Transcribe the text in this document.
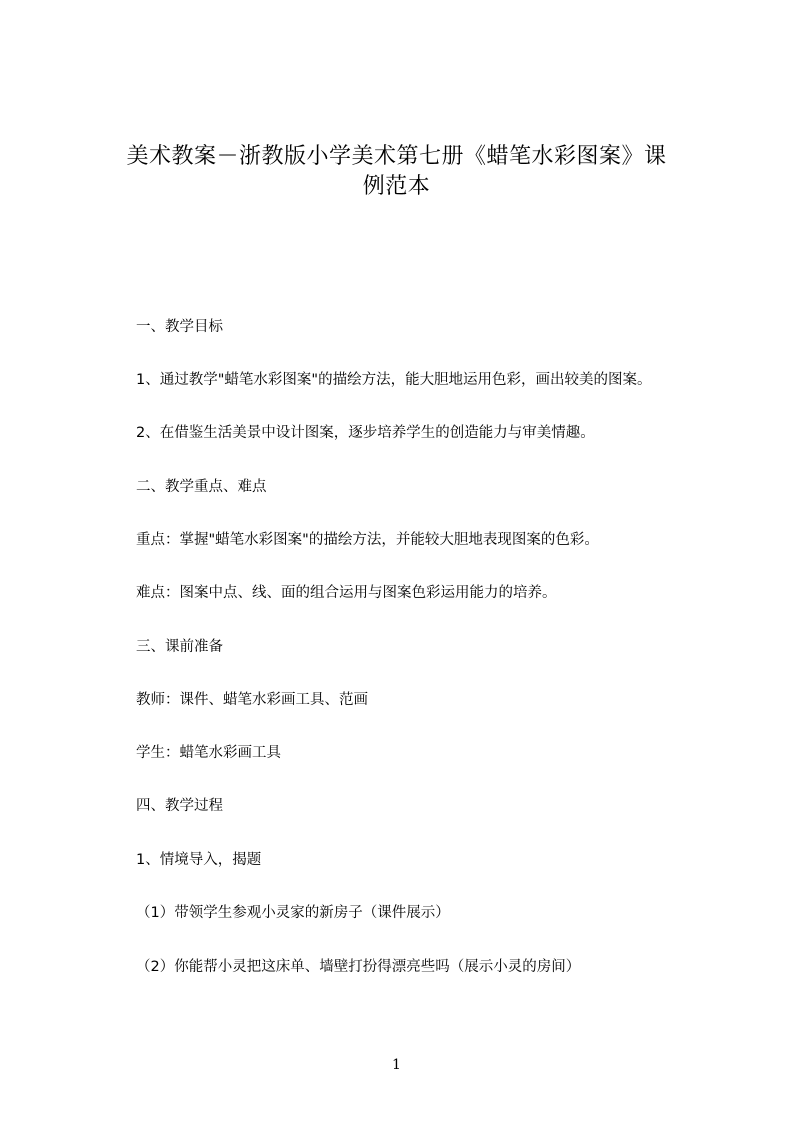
美术教案－浙教版小学美术第七册《蜡笔水彩图案》课
例范本

一、教学目标

1、通过教学"蜡笔水彩图案"的描绘方法，能大胆地运用色彩，画出较美的图案。

2、在借鉴生活美景中设计图案，逐步培养学生的创造能力与审美情趣。

二、教学重点、难点

重点：掌握"蜡笔水彩图案"的描绘方法，并能较大胆地表现图案的色彩。

难点：图案中点、线、面的组合运用与图案色彩运用能力的培养。

三、课前准备

教师：课件、蜡笔水彩画工具、范画

学生：蜡笔水彩画工具

四、教学过程

1、情境导入，揭题

（1）带领学生参观小灵家的新房子（课件展示）

（2）你能帮小灵把这床单、墙壁打扮得漂亮些吗（展示小灵的房间）

1
